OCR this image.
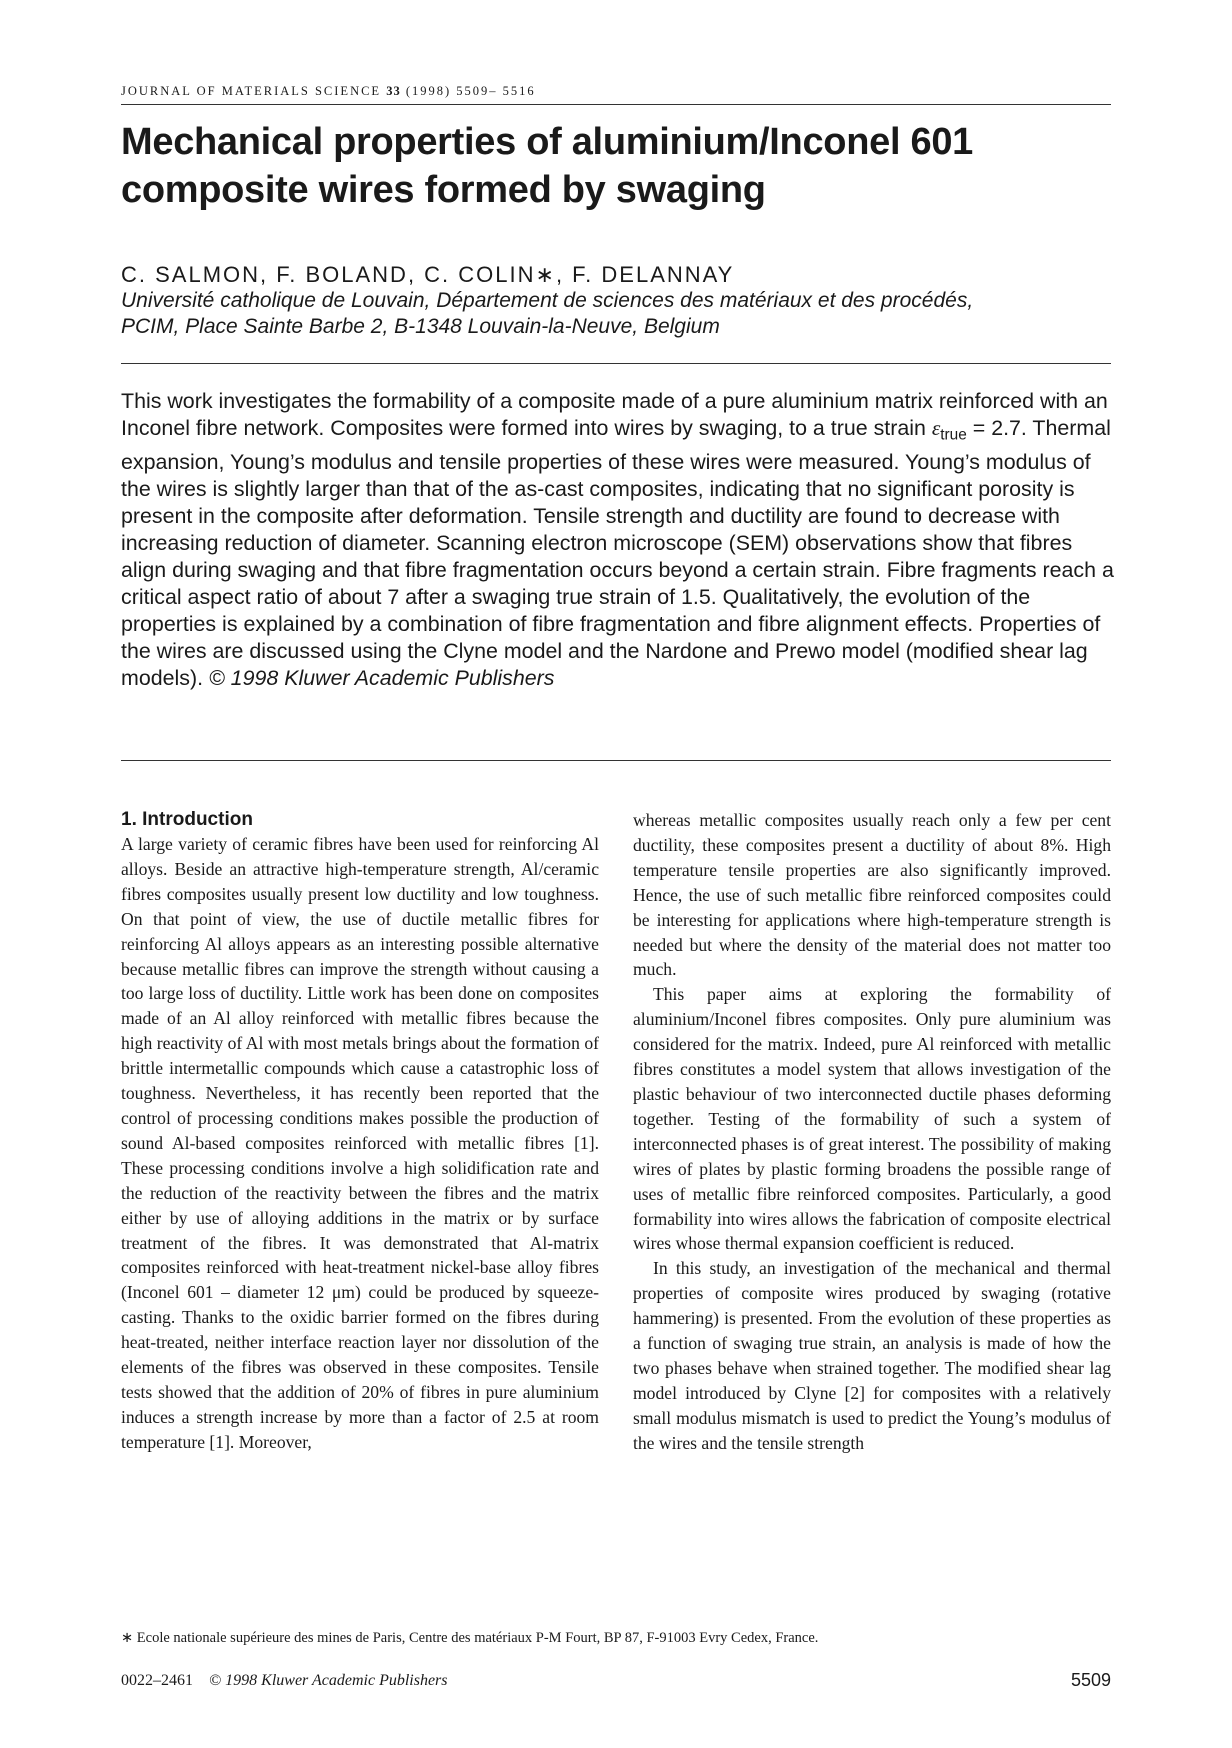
JOURNAL OF MATERIALS SCIENCE 33 (1998) 5509– 5516
Mechanical properties of aluminium/Inconel 601
composite wires formed by swaging
C. SALMON, F. BOLAND, C. COLIN∗, F. DELANNAY
Université catholique de Louvain, Département de sciences des matériaux et des procédés,
PCIM, Place Sainte Barbe 2, B-1348 Louvain-la-Neuve, Belgium

This work investigates the formability of a composite made of a pure aluminium matrix reinforced with an Inconel fibre network. Composites were formed into wires by swaging, to a true strain $\varepsilon_{true} = 2.7$. Thermal expansion, Young’s modulus and tensile properties of these wires were measured. Young’s modulus of the wires is slightly larger than that of the as-cast composites, indicating that no significant porosity is present in the composite after deformation. Tensile strength and ductility are found to decrease with increasing reduction of diameter. Scanning electron microscope (SEM) observations show that fibres align during swaging and that fibre fragmentation occurs beyond a certain strain. Fibre fragments reach a critical aspect ratio of about 7 after a swaging true strain of 1.5. Qualitatively, the evolution of the properties is explained by a combination of fibre fragmentation and fibre alignment effects. Properties of the wires are discussed using the Clyne model and the Nardone and Prewo model (modified shear lag models). © 1998 Kluwer Academic Publishers

1. Introduction

A large variety of ceramic fibres have been used for reinforcing Al alloys. Beside an attractive high-temperature strength, Al/ceramic fibres composites usually present low ductility and low toughness. On that point of view, the use of ductile metallic fibres for reinforcing Al alloys appears as an interesting possible alternative because metallic fibres can improve the strength without causing a too large loss of ductility. Little work has been done on composites made of an Al alloy reinforced with metallic fibres because the high reactivity of Al with most metals brings about the formation of brittle intermetallic compounds which cause a catastrophic loss of toughness. Nevertheless, it has recently been reported that the control of processing conditions makes possible the production of sound Al-based composites reinforced with metallic fibres [1]. These processing conditions involve a high solidification rate and the reduction of the reactivity between the fibres and the matrix either by use of alloying additions in the matrix or by surface treatment of the fibres. It was demonstrated that Al-matrix composites reinforced with heat-treatment nickel-base alloy fibres (Inconel 601 – diameter 12 μm) could be produced by squeeze-casting. Thanks to the oxidic barrier formed on the fibres during heat-treated, neither interface reaction layer nor dissolution of the elements of the fibres was observed in these composites. Tensile tests showed that the addition of 20% of fibres in pure aluminium induces a strength increase by more than a factor of 2.5 at room temperature [1]. Moreover,

whereas metallic composites usually reach only a few per cent ductility, these composites present a ductility of about 8%. High temperature tensile properties are also significantly improved. Hence, the use of such metallic fibre reinforced composites could be interesting for applications where high-temperature strength is needed but where the density of the material does not matter too much.

This paper aims at exploring the formability of aluminium/Inconel fibres composites. Only pure aluminium was considered for the matrix. Indeed, pure Al reinforced with metallic fibres constitutes a model system that allows investigation of the plastic behaviour of two interconnected ductile phases deforming together. Testing of the formability of such a system of interconnected phases is of great interest. The possibility of making wires of plates by plastic forming broadens the possible range of uses of metallic fibre reinforced composites. Particularly, a good formability into wires allows the fabrication of composite electrical wires whose thermal expansion coefficient is reduced.

In this study, an investigation of the mechanical and thermal properties of composite wires produced by swaging (rotative hammering) is presented. From the evolution of these properties as a function of swaging true strain, an analysis is made of how the two phases behave when strained together. The modified shear lag model introduced by Clyne [2] for composites with a relatively small modulus mismatch is used to predict the Young’s modulus of the wires and the tensile strength

∗ Ecole nationale supérieure des mines de Paris, Centre des matériaux P-M Fourt, BP 87, F-91003 Evry Cedex, France.
0022–2461 © 1998 Kluwer Academic Publishers	5509
